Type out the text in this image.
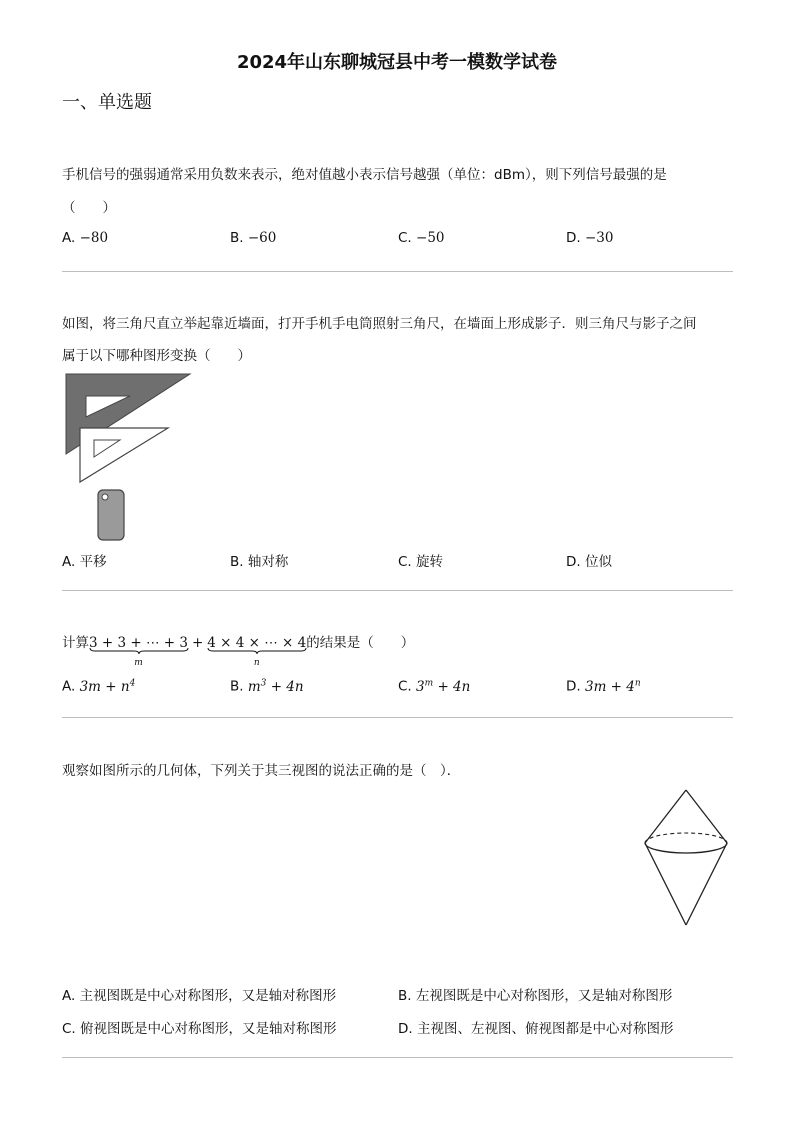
2024年山东聊城冠县中考一模数学试卷
一、单选题
手机信号的强弱通常采用负数来表示，绝对值越小表示信号越强（单位：dBm），则下列信号最强的是
（　　）
A. −80	B. −60	C. −50	D. −30
如图，将三角尺直立举起靠近墙面，打开手机手电筒照射三角尺，在墙面上形成影子．则三角尺与影子之间
属于以下哪种图形变换（　　）
A. 平移	B. 轴对称	C. 旋转	D. 位似
计算3 + 3 + ⋯ + 3
m
+ 4 × 4 × ⋯ × 4
n
的结果是（　　）
A. $3m + n^4$	B. $m^3 + 4n$	C. $3^m + 4n$	D. $3m + 4^n$
观察如图所示的几何体，下列关于其三视图的说法正确的是（　）．
A. 主视图既是中心对称图形，又是轴对称图形	B. 左视图既是中心对称图形，又是轴对称图形
C. 俯视图既是中心对称图形，又是轴对称图形	D. 主视图、左视图、俯视图都是中心对称图形
